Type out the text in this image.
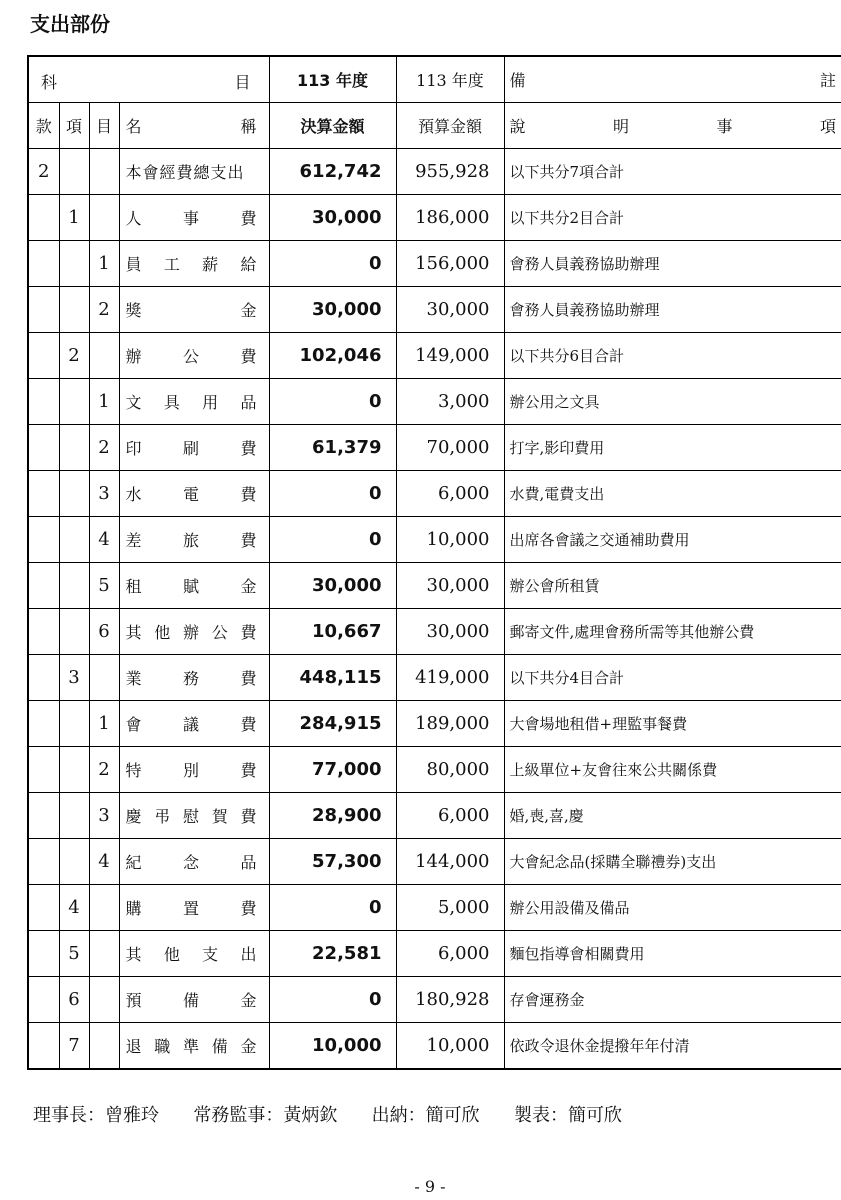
支出部份
科 目				113 年度	113 年度	備 註

款	項	目	名 稱	決算金額	預算金額	說 明 事 項

2			本會經費總支出	612,742	955,928	以下共分7項合計
	1		人 事 費	30,000	186,000	以下共分2目合計
		1	員 工 薪 給	0	156,000	會務人員義務協助辦理
		2	獎 金	30,000	30,000	會務人員義務協助辦理
	2		辦 公 費	102,046	149,000	以下共分6目合計
		1	文 具 用 品	0	3,000	辦公用之文具
		2	印 刷 費	61,379	70,000	打字,影印費用
		3	水 電 費	0	6,000	水費,電費支出
		4	差 旅 費	0	10,000	出席各會議之交通補助費用
		5	租 賦 金	30,000	30,000	辦公會所租賃
		6	其 他 辦 公 費	10,667	30,000	郵寄文件,處理會務所需等其他辦公費
	3		業 務 費	448,115	419,000	以下共分4目合計
		1	會 議 費	284,915	189,000	大會場地租借+理監事餐費
		2	特 別 費	77,000	80,000	上級單位+友會往來公共關係費
		3	慶 弔 慰 賀 費	28,900	6,000	婚,喪,喜,慶
		4	紀 念 品	57,300	144,000	大會紀念品(採購全聯禮券)支出
	4		購 置 費	0	5,000	辦公用設備及備品
	5		其 他 支 出	22,581	6,000	麵包指導會相關費用
	6		預 備 金	0	180,928	存會運務金
	7		退 職 準 備 金	10,000	10,000	依政令退休金提撥年年付清
理事長：曾雅玲      常務監事：黃炳欽      出納：簡可欣      製表：簡可欣
- 9 -
